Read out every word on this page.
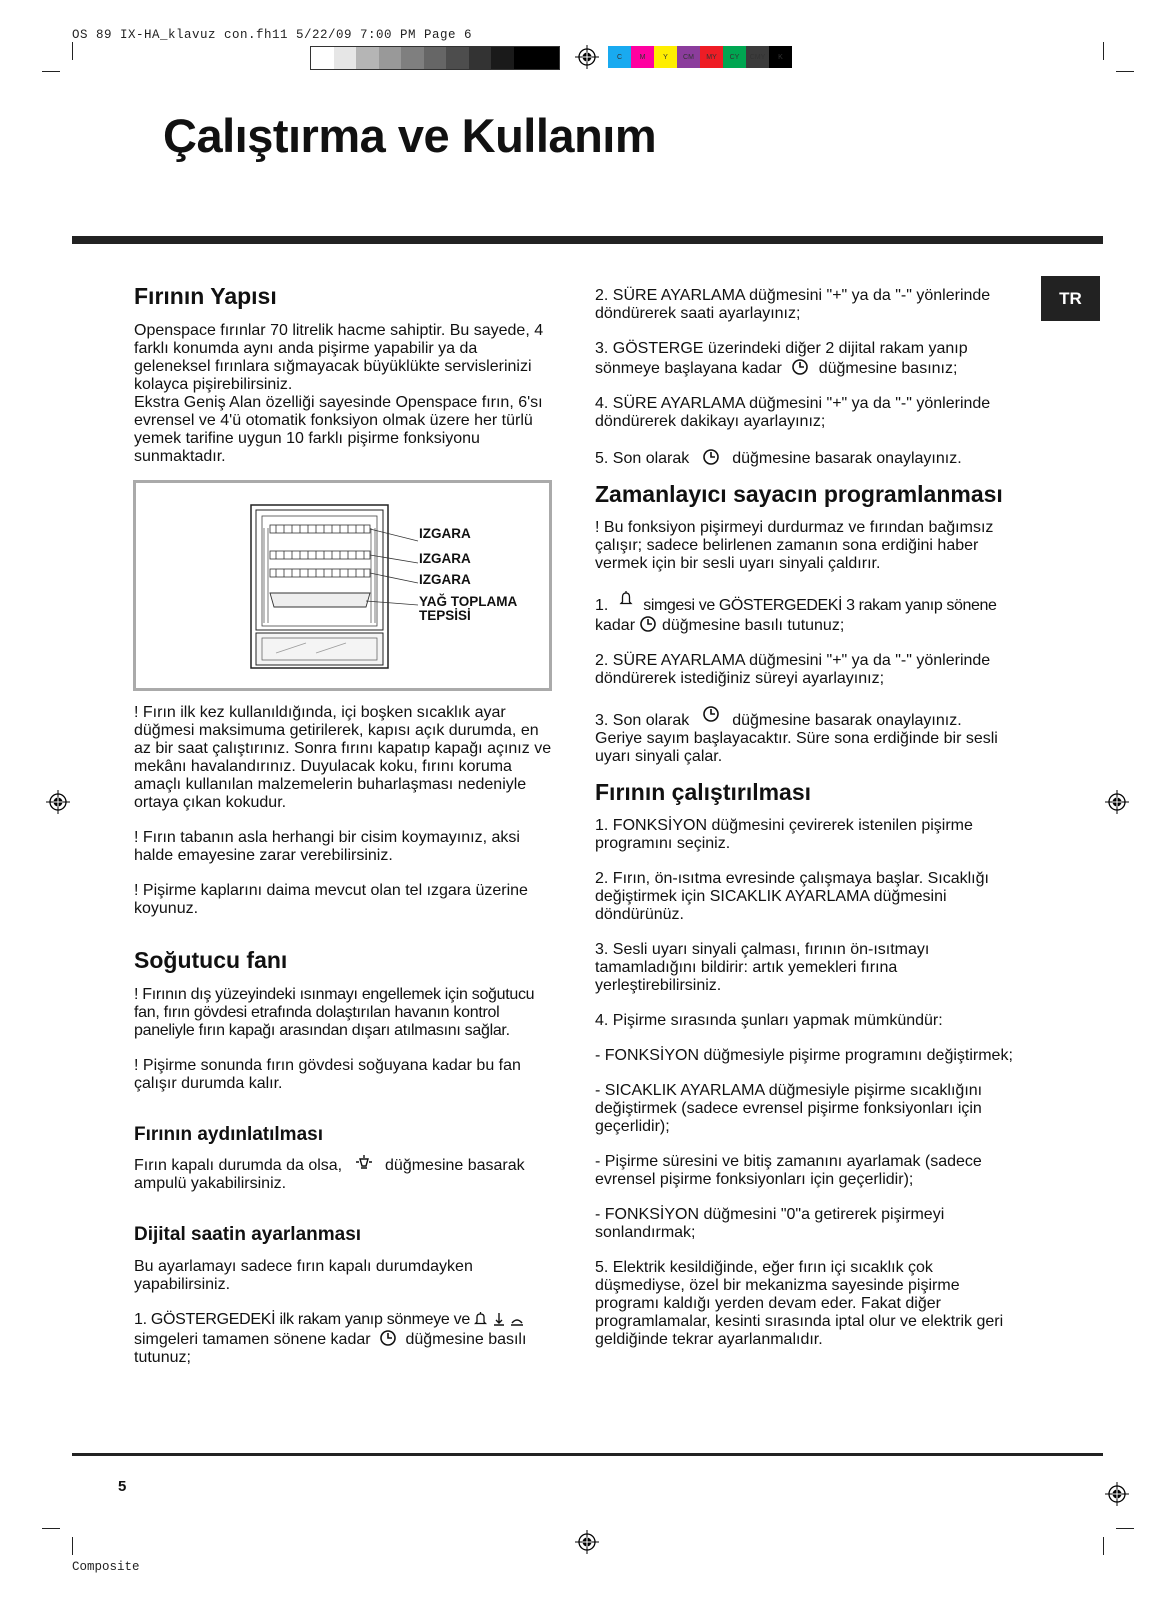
OS 89 IX-HA_klavuz con.fh11 5/22/09 7:00 PM Page 6
C	M	Y	CM	MY	CY	CMY	K
Çalıştırma ve Kullanım
TR
Fırının Yapısı

Openspace fırınlar 70 litrelik hacme sahiptir. Bu sayede, 4 farklı konumda aynı anda pişirme yapabilir ya da geleneksel fırınlara sığmayacak büyüklükte servislerinizi kolayca pişirebilirsiniz.

Ekstra Geniş Alan özelliği sayesinde Openspace fırın, 6'sı evrensel ve 4'ü otomatik fonksiyon olmak üzere her türlü yemek tarifine uygun 10 farklı pişirme fonksiyonu sunmaktadır.

IZGARA
IZGARA
IZGARA
YAĞ TOPLAMA
TEPSİSİ

! Fırın ilk kez kullanıldığında, içi boşken sıcaklık ayar düğmesi maksimuma getirilerek, kapısı açık durumda, en az bir saat çalıştırınız. Sonra fırını kapatıp kapağı açınız ve mekânı havalandırınız. Duyulacak koku, fırını koruma amaçlı kullanılan malzemelerin buharlaşması nedeniyle ortaya çıkan kokudur.

! Fırın tabanın asla herhangi bir cisim koymayınız, aksi halde emayesine zarar verebilirsiniz.

! Pişirme kaplarını daima mevcut olan tel ızgara üzerine koyunuz.

Soğutucu fanı

! Fırının dış yüzeyindeki ısınmayı engellemek için soğutucu fan, fırın gövdesi etrafında dolaştırılan havanın kontrol paneliyle fırın kapağı arasından dışarı atılmasını sağlar.

! Pişirme sonunda fırın gövdesi soğuyana kadar bu fan çalışır durumda kalır.

Fırının aydınlatılması

Fırın kapalı durumda da olsa,	düğmesine basarak
ampulü yakabilirsiniz.

Dijital saatin ayarlanması

Bu ayarlamayı sadece fırın kapalı durumdayken yapabilirsiniz.

1. GÖSTERGEDEKİ ilk rakam yanıp sönmeye ve
simgeleri tamamen sönene kadar düğmesine basılı
tutunuz;

2. SÜRE AYARLAMA düğmesini "+" ya da "-" yönlerinde döndürerek saati ayarlayınız;

3. GÖSTERGE üzerindeki diğer 2 dijital rakam yanıp
sönmeye başlayana kadar düğmesine basınız;

4. SÜRE AYARLAMA düğmesini "+" ya da "-" yönlerinde döndürerek dakikayı ayarlayınız;

5. Son olarak	düğmesine basarak onaylayınız.

Zamanlayıcı sayacın programlanması

! Bu fonksiyon pişirmeyi durdurmaz ve fırından bağımsız çalışır; sadece belirlenen zamanın sona erdiğini haber vermek için bir sesli uyarı sinyali çaldırır.

1. simgesi ve GÖSTERGEDEKİ 3 rakam yanıp sönene
kadar düğmesine basılı tutunuz;

2. SÜRE AYARLAMA düğmesini "+" ya da "-" yönlerinde döndürerek istediğiniz süreyi ayarlayınız;

3. Son olarak	düğmesine basarak onaylayınız.
Geriye sayım başlayacaktır. Süre sona erdiğinde bir sesli uyarı sinyali çalar.

Fırının çalıştırılması

1. FONKSİYON düğmesini çevirerek istenilen pişirme programını seçiniz.

2. Fırın, ön-ısıtma evresinde çalışmaya başlar. Sıcaklığı değiştirmek için SICAKLIK AYARLAMA düğmesini döndürünüz.

3. Sesli uyarı sinyali çalması, fırının ön-ısıtmayı tamamladığını bildirir: artık yemekleri fırına yerleştirebilirsiniz.

4. Pişirme sırasında şunları yapmak mümkündür:

- FONKSİYON düğmesiyle pişirme programını değiştirmek;

- SICAKLIK AYARLAMA düğmesiyle pişirme sıcaklığını değiştirmek (sadece evrensel pişirme fonksiyonları için geçerlidir);

- Pişirme süresini ve bitiş zamanını ayarlamak (sadece evrensel pişirme fonksiyonları için geçerlidir);

- FONKSİYON düğmesini "0"a getirerek pişirmeyi sonlandırmak;

5. Elektrik kesildiğinde, eğer fırın içi sıcaklık çok düşmediyse, özel bir mekanizma sayesinde pişirme programı kaldığı yerden devam eder. Fakat diğer programlamalar, kesinti sırasında iptal olur ve elektrik geri geldiğinde tekrar ayarlanmalıdır.

5
Composite
